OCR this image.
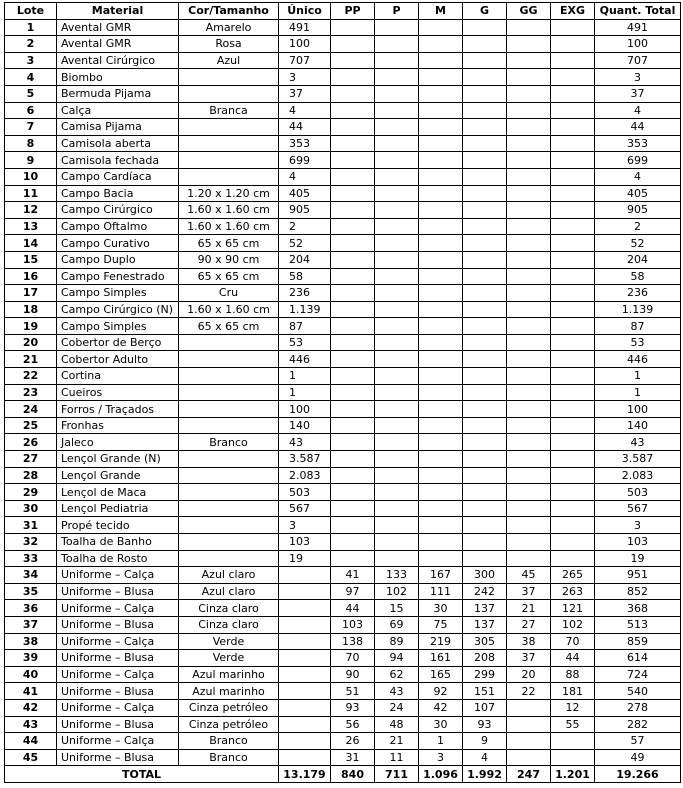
Lote	Material	Cor/Tamanho	Único	PP	P	M	G	GG	EXG	Quant. Total
1	Avental GMR	Amarelo	491							491
2	Avental GMR	Rosa	100							100
3	Avental Cirúrgico	Azul	707							707
4	Biombo		3							3
5	Bermuda Pijama		37							37
6	Calça	Branca	4							4
7	Camisa Pijama		44							44
8	Camisola aberta		353							353
9	Camisola fechada		699							699
10	Campo Cardíaca		4							4
11	Campo Bacia	1.20 x 1.20 cm	405							405
12	Campo Cirúrgico	1.60 x 1.60 cm	905							905
13	Campo Oftalmo	1.60 x 1.60 cm	2							2
14	Campo Curativo	65 x 65 cm	52							52
15	Campo Duplo	90 x 90 cm	204							204
16	Campo Fenestrado	65 x 65 cm	58							58
17	Campo Simples	Cru	236							236
18	Campo Cirúrgico (N)	1.60 x 1.60 cm	1.139							1.139
19	Campo Simples	65 x 65 cm	87							87
20	Cobertor de Berço		53							53
21	Cobertor Adulto		446							446
22	Cortina		1							1
23	Cueiros		1							1
24	Forros / Traçados		100							100
25	Fronhas		140							140
26	Jaleco	Branco	43							43
27	Lençol Grande (N)		3.587							3.587
28	Lençol Grande		2.083							2.083
29	Lençol de Maca		503							503
30	Lençol Pediatria		567							567
31	Propé tecido		3							3
32	Toalha de Banho		103							103
33	Toalha de Rosto		19							19
34	Uniforme – Calça	Azul claro		41	133	167	300	45	265	951
35	Uniforme – Blusa	Azul claro		97	102	111	242	37	263	852
36	Uniforme – Calça	Cinza claro		44	15	30	137	21	121	368
37	Uniforme – Blusa	Cinza claro		103	69	75	137	27	102	513
38	Uniforme – Calça	Verde		138	89	219	305	38	70	859
39	Uniforme – Blusa	Verde		70	94	161	208	37	44	614
40	Uniforme – Calça	Azul marinho		90	62	165	299	20	88	724
41	Uniforme – Blusa	Azul marinho		51	43	92	151	22	181	540
42	Uniforme – Calça	Cinza petróleo		93	24	42	107		12	278
43	Uniforme – Blusa	Cinza petróleo		56	48	30	93		55	282
44	Uniforme – Calça	Branco		26	21	1	9			57
45	Uniforme – Blusa	Branco		31	11	3	4			49
TOTAL			13.179	840	711	1.096	1.992	247	1.201	19.266
